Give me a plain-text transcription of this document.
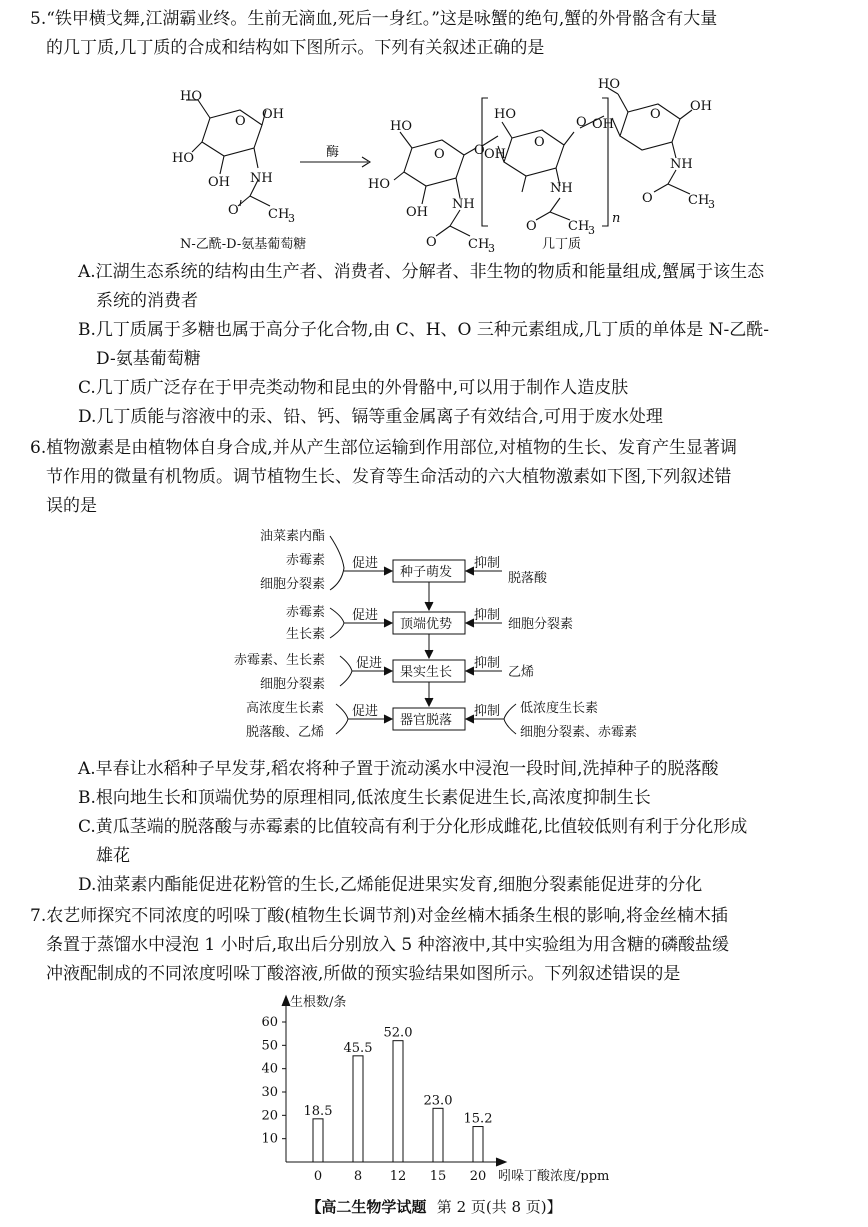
5.“铁甲横戈舞,江湖霸业终。生前无滴血,死后一身红。”这是咏蟹的绝句,蟹的外骨骼含有大量
的几丁质,几丁质的合成和结构如下图所示。下列有关叙述正确的是
HO
OH
O
HO
OH NH
O CH
3
N-乙酰-D-氨基葡萄糖
酶
HO
O O
HO
OH
NH
O CH
3
HO
O
O
OH
NH
O CH
3
n
HO
O
OH
OH
NH
O	CH
3
几丁质
A.江湖生态系统的结构由生产者、消费者、分解者、非生物的物质和能量组成,蟹属于该生态
系统的消费者
B.几丁质属于多糖也属于高分子化合物,由 C、H、O 三种元素组成,几丁质的单体是 N-乙酰-
D-氨基葡萄糖
C.几丁质广泛存在于甲壳类动物和昆虫的外骨骼中,可以用于制作人造皮肤
D.几丁质能与溶液中的汞、铅、钙、镉等重金属离子有效结合,可用于废水处理
6.植物激素是由植物体自身合成,并从产生部位运输到作用部位,对植物的生长、发育产生显著调
节作用的微量有机物质。调节植物生长、发育等生命活动的六大植物激素如下图,下列叙述错
误的是
种子萌发
顶端优势
果实生长
器官脱落
促进	抑制
促进	抑制
促进	抑制
促进	抑制
油菜素内酯
赤霉素
细胞分裂素	脱落酸
赤霉素
生长素
细胞分裂素
赤霉素、生长素
细胞分裂素
乙烯
高浓度生长素
脱落酸、乙烯
低浓度生长素
细胞分裂素、赤霉素
A.早春让水稻种子早发芽,稻农将种子置于流动溪水中浸泡一段时间,洗掉种子的脱落酸
B.根向地生长和顶端优势的原理相同,低浓度生长素促进生长,高浓度抑制生长
C.黄瓜茎端的脱落酸与赤霉素的比值较高有利于分化形成雌花,比值较低则有利于分化形成
雄花
D.油菜素内酯能促进花粉管的生长,乙烯能促进果实发育,细胞分裂素能促进芽的分化
7.农艺师探究不同浓度的吲哚丁酸(植物生长调节剂)对金丝楠木插条生根的影响,将金丝楠木插
条置于蒸馏水中浸泡 1 小时后,取出后分别放入 5 种溶液中,其中实验组为用含糖的磷酸盐缓
冲液配制成的不同浓度吲哚丁酸溶液,所做的预实验结果如图所示。下列叙述错误的是
生根数/条
吲哚丁酸浓度/ppm
10
20
30
40
50
60
18.5
0
45.5
8
52.0
12
23.0
15
15.2
20
【高二生物学试题 第 2 页(共 8 页)】
